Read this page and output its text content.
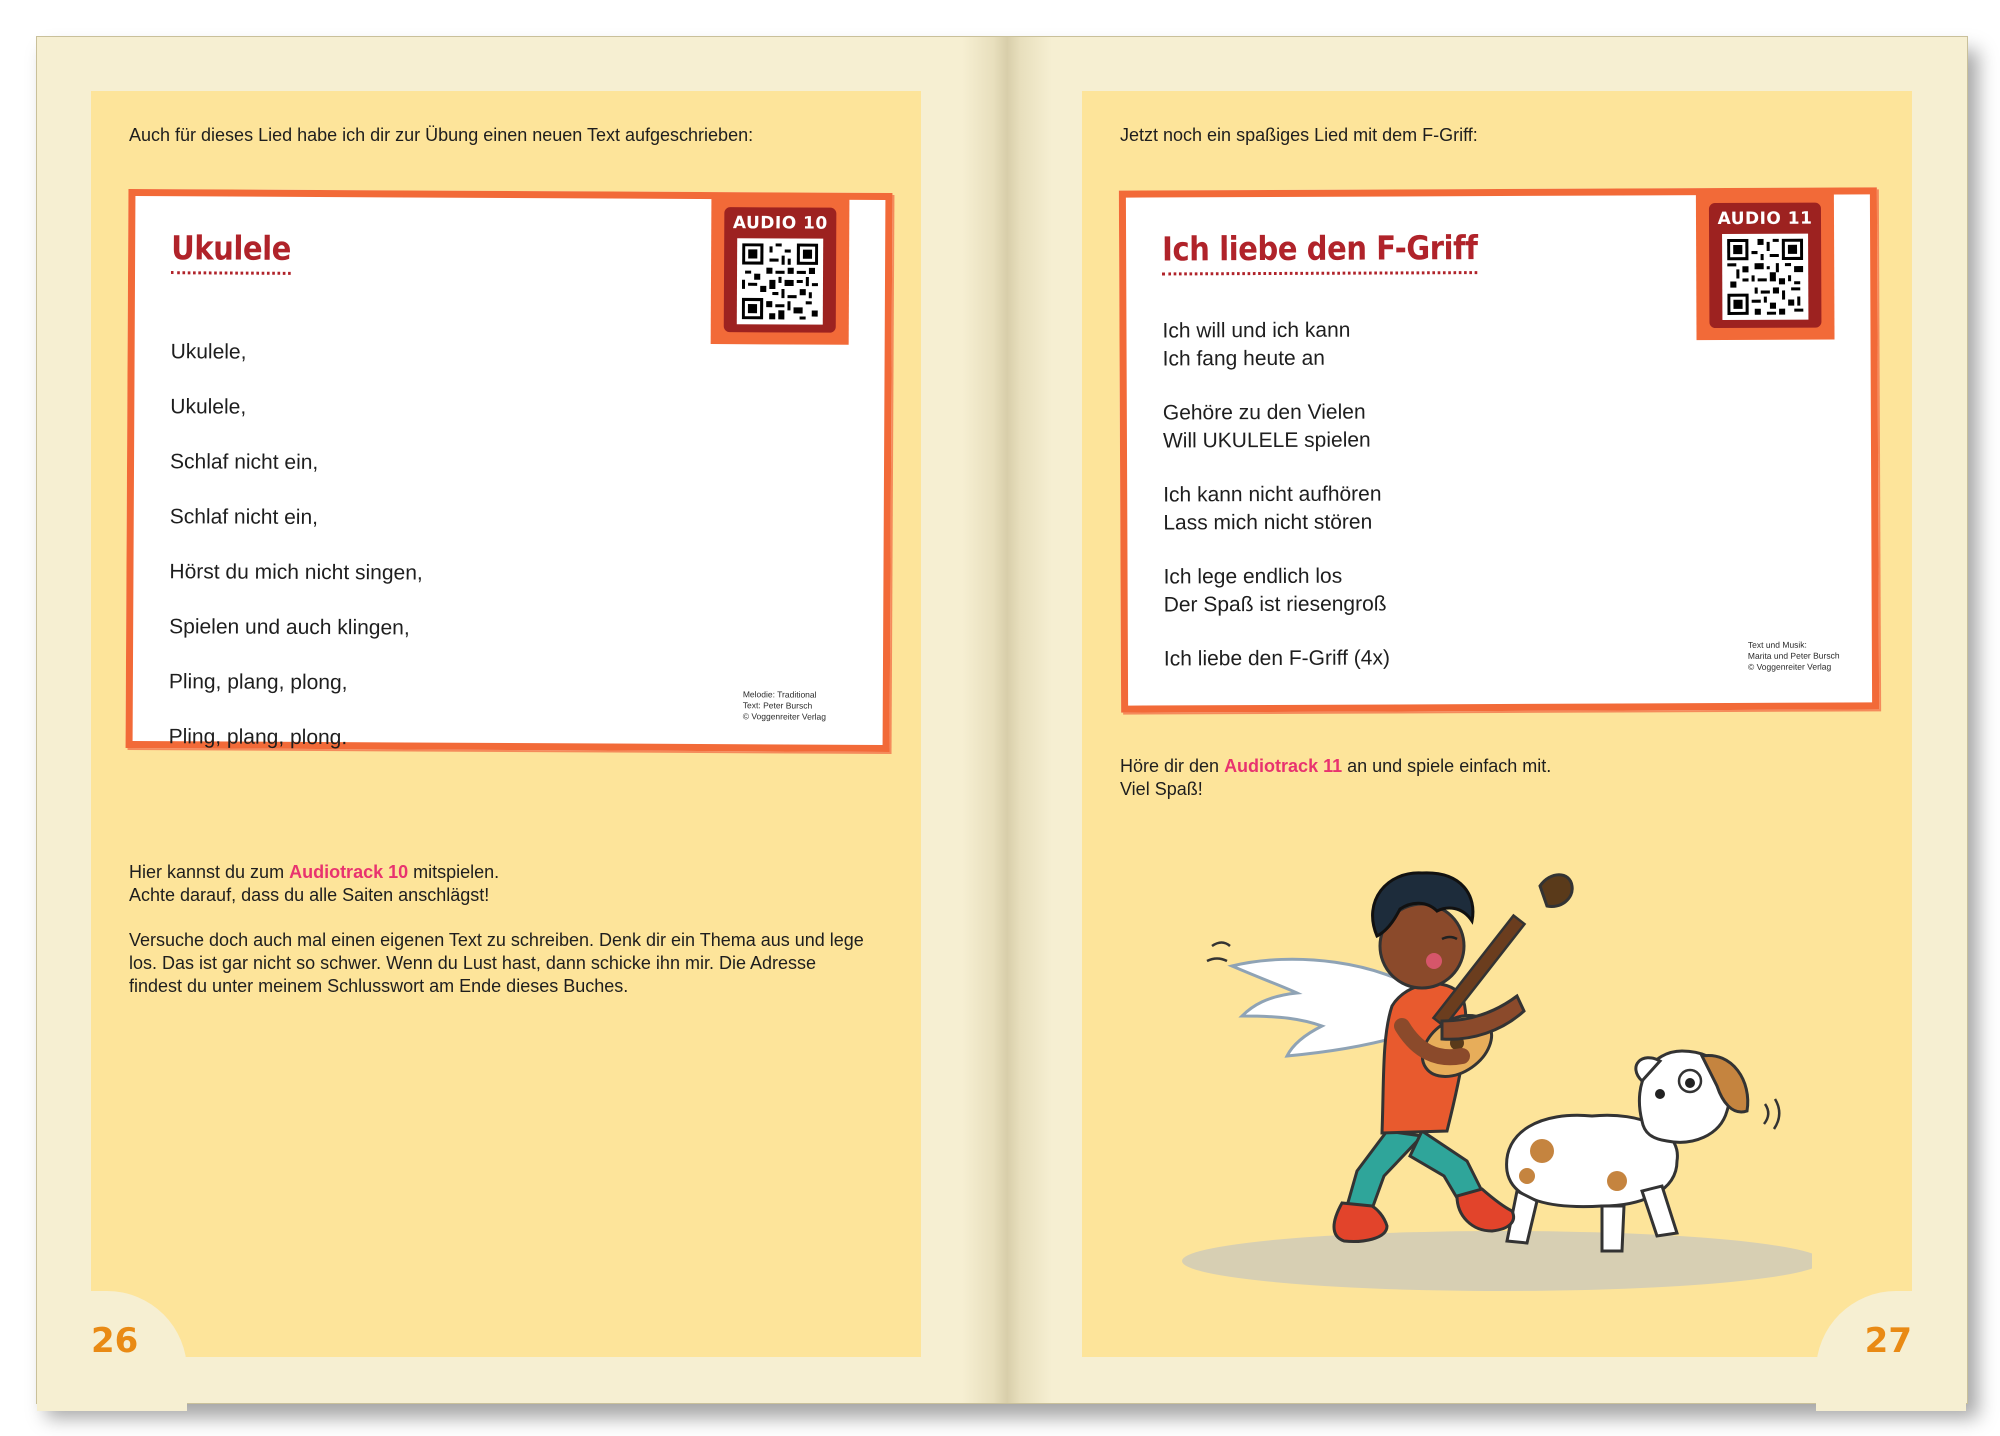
Auch für dieses Lied habe ich dir zur Übung einen neuen Text aufgeschrieben:
Ukulele
Ukulele,
Ukulele,
Schlaf nicht ein,
Schlaf nicht ein,
Hörst du mich nicht singen,
Spielen und auch klingen,
Pling, plang, plong,
Pling, plang, plong.
AUDIO 10
Melodie: Traditional
Text: Peter Bursch
© Voggenreiter Verlag
Hier kannst du zum Audiotrack 10 mitspielen.
Achte darauf, dass du alle Saiten anschlägst!
Versuche doch auch mal einen eigenen Text zu schreiben. Denk dir ein Thema aus und lege los. Das ist gar nicht so schwer. Wenn du Lust hast, dann schicke ihn mir. Die Adresse findest du unter meinem Schlusswort am Ende dieses Buches.
26
Jetzt noch ein spaßiges Lied mit dem F-Griff:
Ich liebe den F-Griff
Ich will und ich kann
Ich fang heute an
Gehöre zu den Vielen
Will UKULELE spielen
Ich kann nicht aufhören
Lass mich nicht stören
Ich lege endlich los
Der Spaß ist riesengroß
Ich liebe den F-Griff (4x)
AUDIO 11
Text und Musik:
Marita und Peter Bursch
© Voggenreiter Verlag
Höre dir den Audiotrack 11 an und spiele einfach mit.
Viel Spaß!
27
